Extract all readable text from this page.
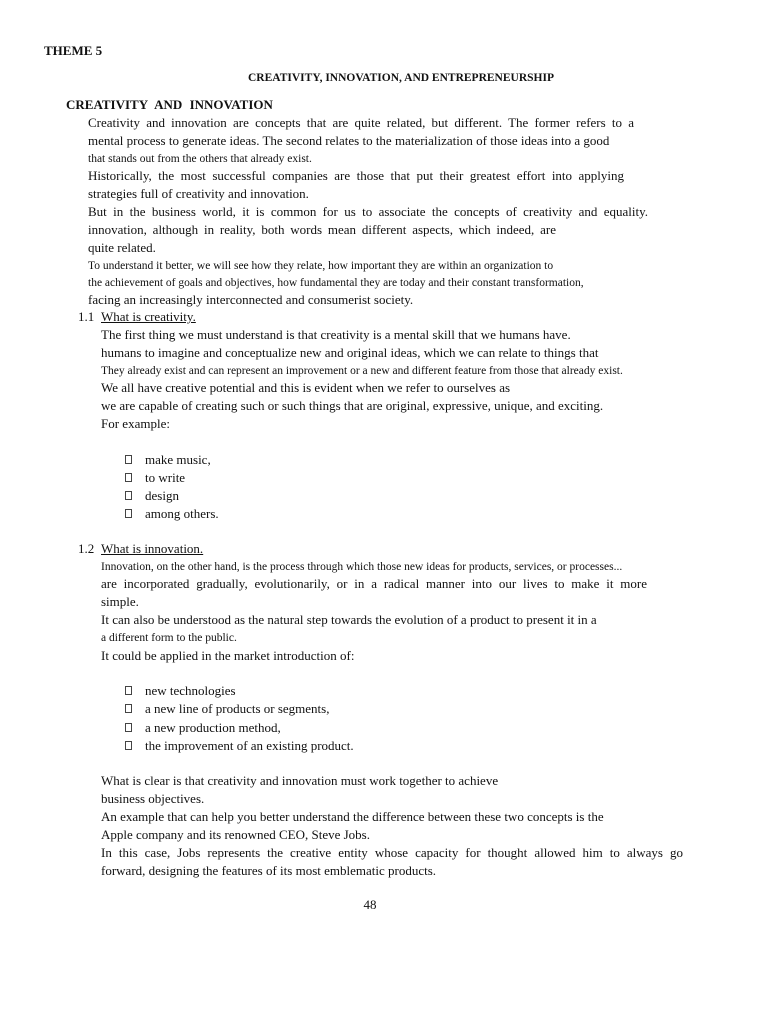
THEME 5
CREATIVITY, INNOVATION, AND ENTREPRENEURSHIP
CREATIVITY AND INNOVATION
Creativity and innovation are concepts that are quite related, but different. The former refers to a
mental process to generate ideas. The second relates to the materialization of those ideas into a good
that stands out from the others that already exist.
Historically, the most successful companies are those that put their greatest effort into applying
strategies full of creativity and innovation.
But in the business world, it is common for us to associate the concepts of creativity and equality.
innovation, although in reality, both words mean different aspects, which indeed, are
quite related.
To understand it better, we will see how they relate, how important they are within an organization to
the achievement of goals and objectives, how fundamental they are today and their constant transformation,
facing an increasingly interconnected and consumerist society.
1.1 What is creativity.
The first thing we must understand is that creativity is a mental skill that we humans have.
humans to imagine and conceptualize new and original ideas, which we can relate to things that
They already exist and can represent an improvement or a new and different feature from those that already exist.
We all have creative potential and this is evident when we refer to ourselves as
we are capable of creating such or such things that are original, expressive, unique, and exciting.
For example:
make music,
to write
design
among others.
1.2 What is innovation.
Innovation, on the other hand, is the process through which those new ideas for products, services, or processes...
are incorporated gradually, evolutionarily, or in a radical manner into our lives to make it more
simple.
It can also be understood as the natural step towards the evolution of a product to present it in a
a different form to the public.
It could be applied in the market introduction of:
new technologies
a new line of products or segments,
a new production method,
the improvement of an existing product.
What is clear is that creativity and innovation must work together to achieve
business objectives.
An example that can help you better understand the difference between these two concepts is the
Apple company and its renowned CEO, Steve Jobs.
In this case, Jobs represents the creative entity whose capacity for thought allowed him to always go
forward, designing the features of its most emblematic products.
48
